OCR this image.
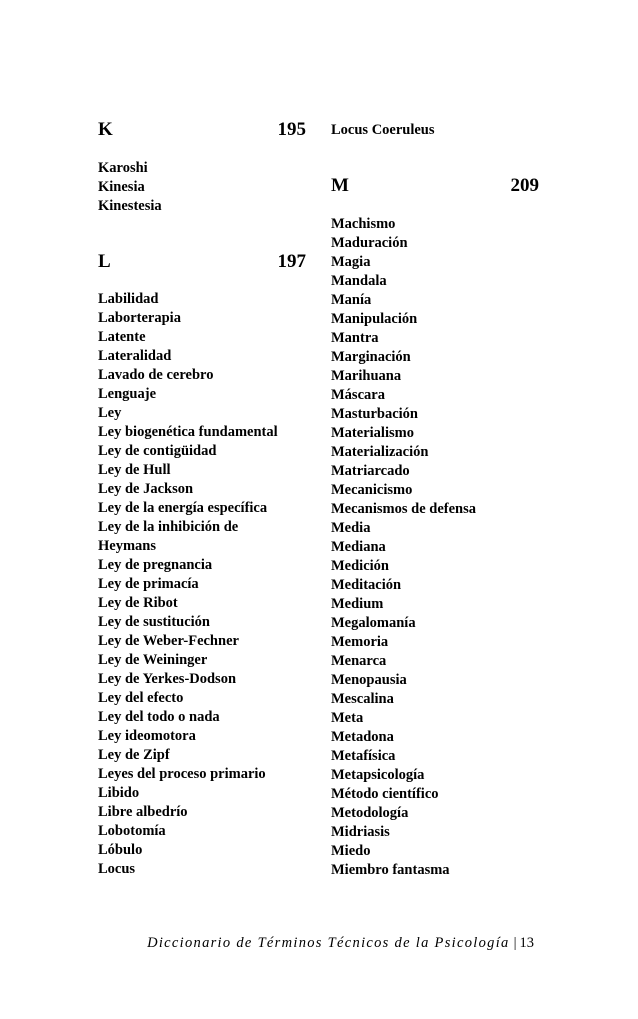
K	195
Karoshi
Kinesia
Kinestesia
L	197
Labilidad
Laborterapia
Latente
Lateralidad
Lavado de cerebro
Lenguaje
Ley
Ley biogenética fundamental
Ley de contigüidad
Ley de Hull
Ley de Jackson
Ley de la energía específica
Ley de la inhibición de
Heymans
Ley de pregnancia
Ley de primacía
Ley de Ribot
Ley de sustitución
Ley de Weber-Fechner
Ley de Weininger
Ley de Yerkes-Dodson
Ley del efecto
Ley del todo o nada
Ley ideomotora
Ley de Zipf
Leyes del proceso primario
Libido
Libre albedrío
Lobotomía
Lóbulo
Locus
Locus Coeruleus
M	209
Machismo
Maduración
Magia
Mandala
Manía
Manipulación
Mantra
Marginación
Marihuana
Máscara
Masturbación
Materialismo
Materialización
Matriarcado
Mecanicismo
Mecanismos de defensa
Media
Mediana
Medición
Meditación
Medium
Megalomanía
Memoria
Menarca
Menopausia
Mescalina
Meta
Metadona
Metafísica
Metapsicología
Método científico
Metodología
Midriasis
Miedo
Miembro fantasma
Diccionario de Términos Técnicos de la Psicología | 13
